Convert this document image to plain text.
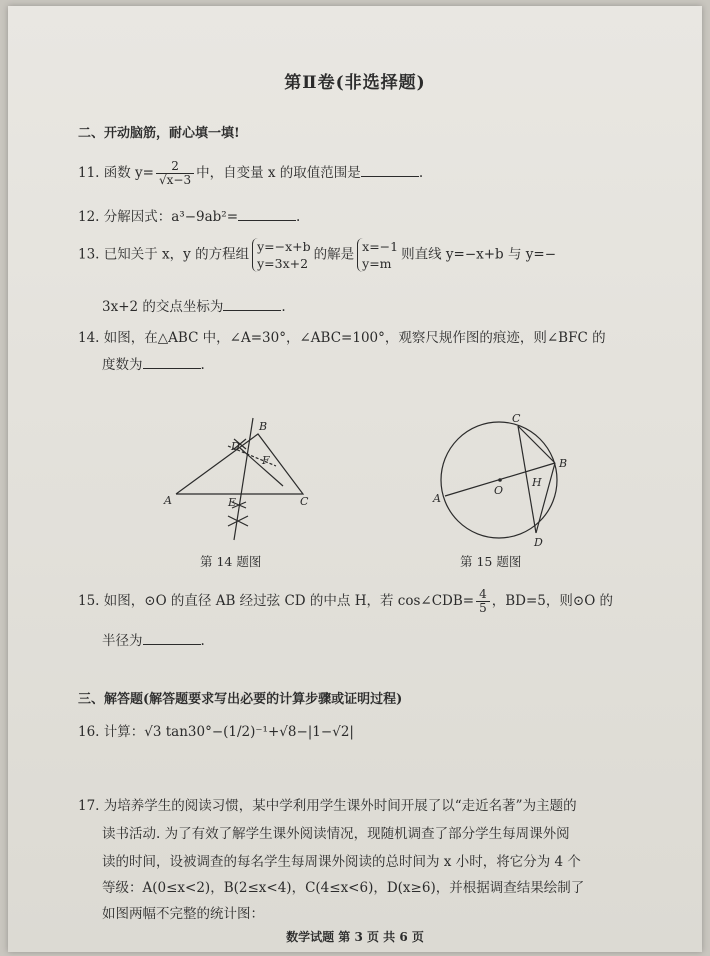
第Ⅱ卷(非选择题)
二、开动脑筋，耐心填一填!
11. 函数 $y= \frac{2}{√x-3}$ 中，自变量 x 的取值范围是	.
12. 分解因式：a³−9ab²=	.
13. 已知关于 x，y 的方程组 y=−x+b
y=3x+2的解是 x=−1
y=m则直线 y=−x+b 与 y=−
3x+2 的交点坐标为	.
14. 如图，在△ABC 中，∠A=30°，∠ABC=100°，观察尺规作图的痕迹，则∠BFC 的
度数为	.
A
B
C
D
E
F
第 14 题图
A
B
C
D
O
H
第 15 题图
15. 如图，⊙O 的直径 AB 经过弦 CD 的中点 H，若 cos∠CDB= $\frac{4}{5}$ ，BD=5，则⊙O 的
半径为	.
三、解答题(解答题要求写出必要的计算步骤或证明过程)
16. 计算：√3 tan30°−(1/2)⁻¹+√8−|1−√2|
17. 为培养学生的阅读习惯，某中学利用学生课外时间开展了以“走近名著”为主题的
读书活动. 为了有效了解学生课外阅读情况，现随机调查了部分学生每周课外阅
读的时间，设被调查的每名学生每周课外阅读的总时间为 x 小时，将它分为 4 个
等级：A(0≤x<2)，B(2≤x<4)，C(4≤x<6)，D(x≥6)，并根据调查结果绘制了
如图两幅不完整的统计图：
数学试题 第 3 页 共 6 页
